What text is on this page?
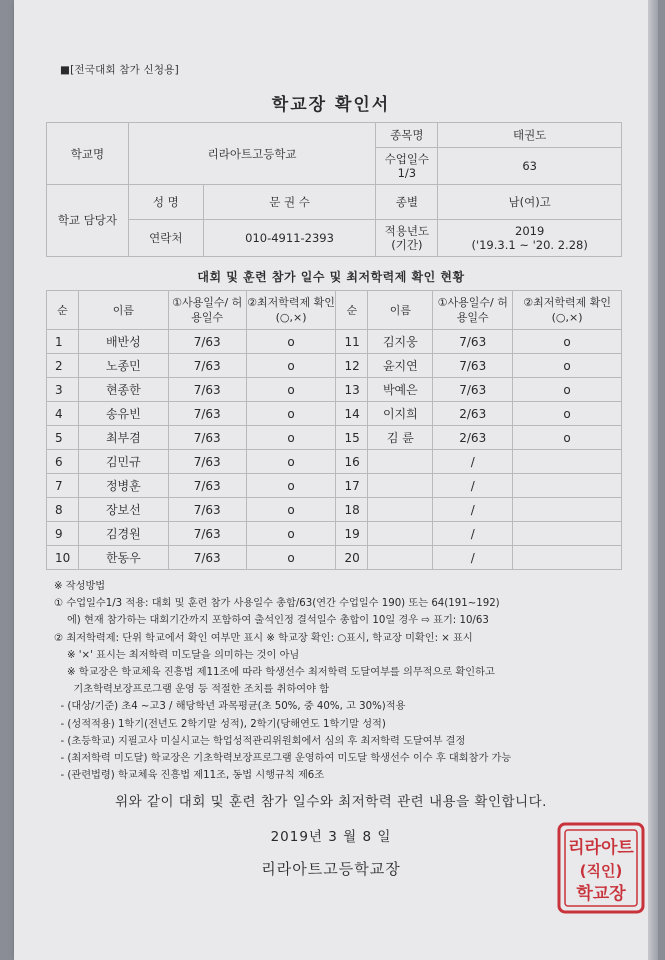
■[전국대회 참가 신청용]
학교장 확인서
학교명	리라아트고등학교		종목명	태권도
			수업일수 1/3	63
학교 담당자	성 명	문 권 수	종별	남(여)고
	연락처	010-4911-2393	적용년도 (기간)	2019
('19.3.1 ~ '20. 2.28)
대회 및 훈련 참가 일수 및 최저학력제 확인 현황
순	이름	①사용일수/ 허용일수	②최저학력제 확인(○,×)	순	이름	①사용일수/ 허용일수	②최저학력제 확인(○,×)
1	배반성	7/63	o	11	김지웅	7/63	o
2	노종민	7/63	o	12	윤지연	7/63	o
3	현종한	7/63	o	13	박예은	7/63	o
4	송유빈	7/63	o	14	이지희	2/63	o
5	최부겸	7/63	o	15	김 륜	2/63	o
6	김민규	7/63	o	16		/	
7	정병훈	7/63	o	17		/	
8	장보선	7/63	o	18		/	
9	김경원	7/63	o	19		/	
10	한동우	7/63	o	20		/	
※ 작성방법
① 수업일수1/3 적용: 대회 및 훈련 참가 사용일수 총합/63(연간 수업일수 190) 또는 64(191~192)
에) 현재 참가하는 대회기간까지 포함하여 출석인정 결석일수 총합이 10일 경우 ⇨ 표기: 10/63
② 최저학력제: 단위 학교에서 확인 여부만 표시 ※ 학교장 확인: ○표시, 학교장 미확인: × 표시
※ '×' 표시는 최저학력 미도달을 의미하는 것이 아님
※ 학교장은 학교체육 진흥법 제11조에 따라 학생선수 최저학력 도달여부를 의무적으로 확인하고
기초학력보장프로그램 운영 등 적절한 조치를 취하여야 함
- (대상/기준) 초4 ~고3 / 해당학년 과목평균(초 50%, 중 40%, 고 30%)적용
- (성적적용) 1학기(전년도 2학기말 성적), 2학기(당해연도 1학기말 성적)
- (초등학교) 지필고사 미실시교는 학업성적관리위원회에서 심의 후 최저학력 도달여부 결정
- (최저학력 미도달) 학교장은 기초학력보장프로그램 운영하여 미도달 학생선수 이수 후 대회참가 가능
- (관련법령) 학교체육 진흥법 제11조, 동법 시행규칙 제6조
위와 같이 대회 및 훈련 참가 일수와 최저학력 관련 내용을 확인합니다.
2019년 3 월 8 일
리라아트고등학교장
리라아트
(직인)
학교장
